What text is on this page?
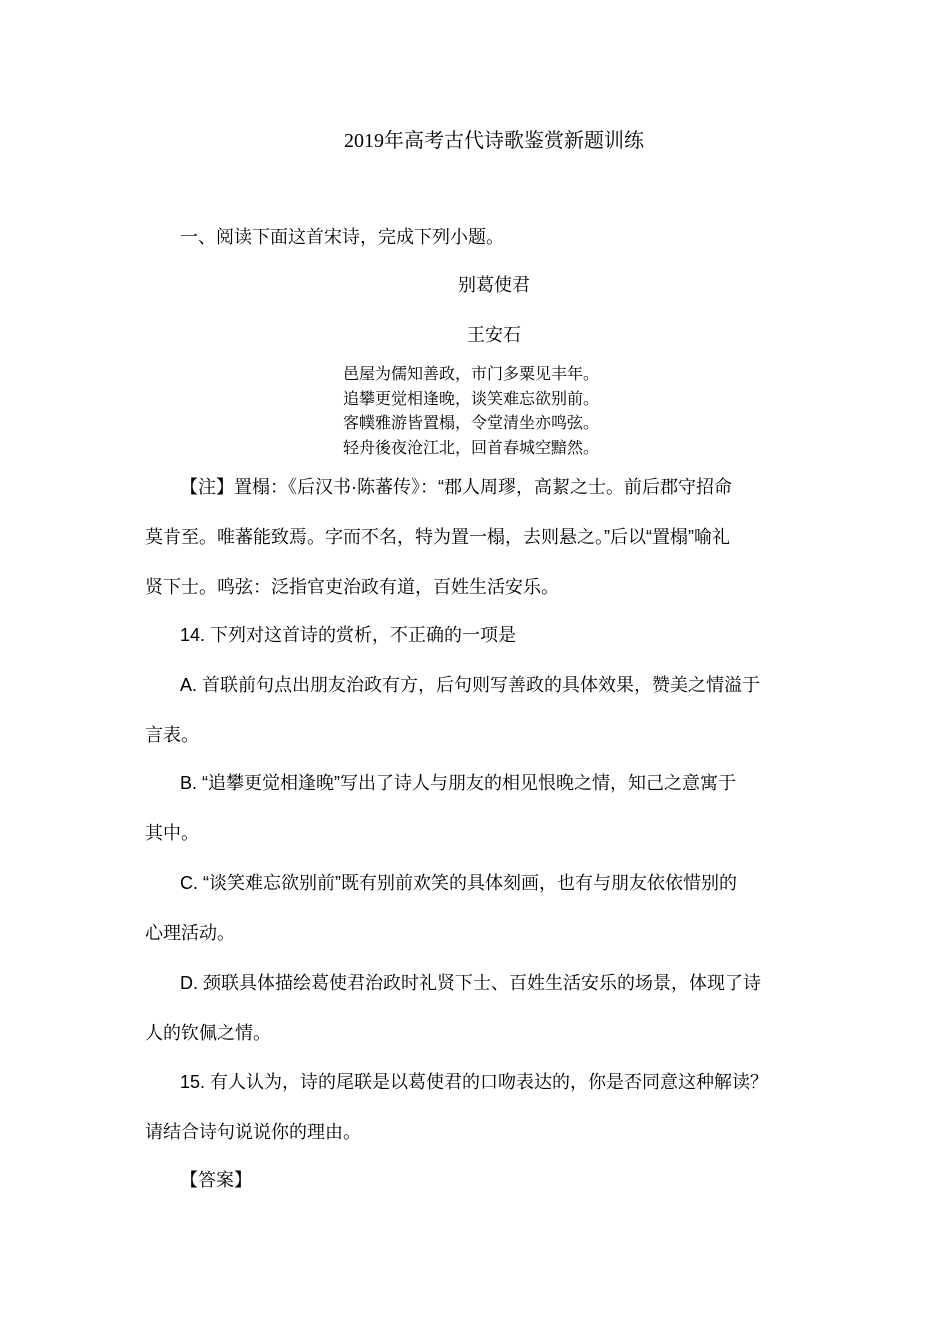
2019年高考古代诗歌鉴赏新题训练
一、阅读下面这首宋诗，完成下列小题。
别葛使君
王安石
邑屋为儒知善政，市门多粟见丰年。
追攀更觉相逢晚，谈笑难忘欲别前。
客幞雅游皆置榻，令堂清坐亦鸣弦。
轻舟後夜沧江北，回首春城空黯然。
【注】置榻：《后汉书·陈蕃传》：“郡人周璆，高絜之士。前后郡守招命
莫肯至。唯蕃能致焉。字而不名，特为置一榻，去则悬之。”后以“置榻”喻礼
贤下士。鸣弦：泛指官吏治政有道，百姓生活安乐。
14. 下列对这首诗的赏析，不正确的一项是
A. 首联前句点出朋友治政有方，后句则写善政的具体效果，赞美之情溢于
言表。
B. “追攀更觉相逢晚”写出了诗人与朋友的相见恨晚之情，知己之意寓于
其中。
C. “谈笑难忘欲别前”既有别前欢笑的具体刻画，也有与朋友依依惜别的
心理活动。
D. 颈联具体描绘葛使君治政时礼贤下士、百姓生活安乐的场景，体现了诗
人的钦佩之情。
15. 有人认为，诗的尾联是以葛使君的口吻表达的，你是否同意这种解读？
请结合诗句说说你的理由。
【答案】
